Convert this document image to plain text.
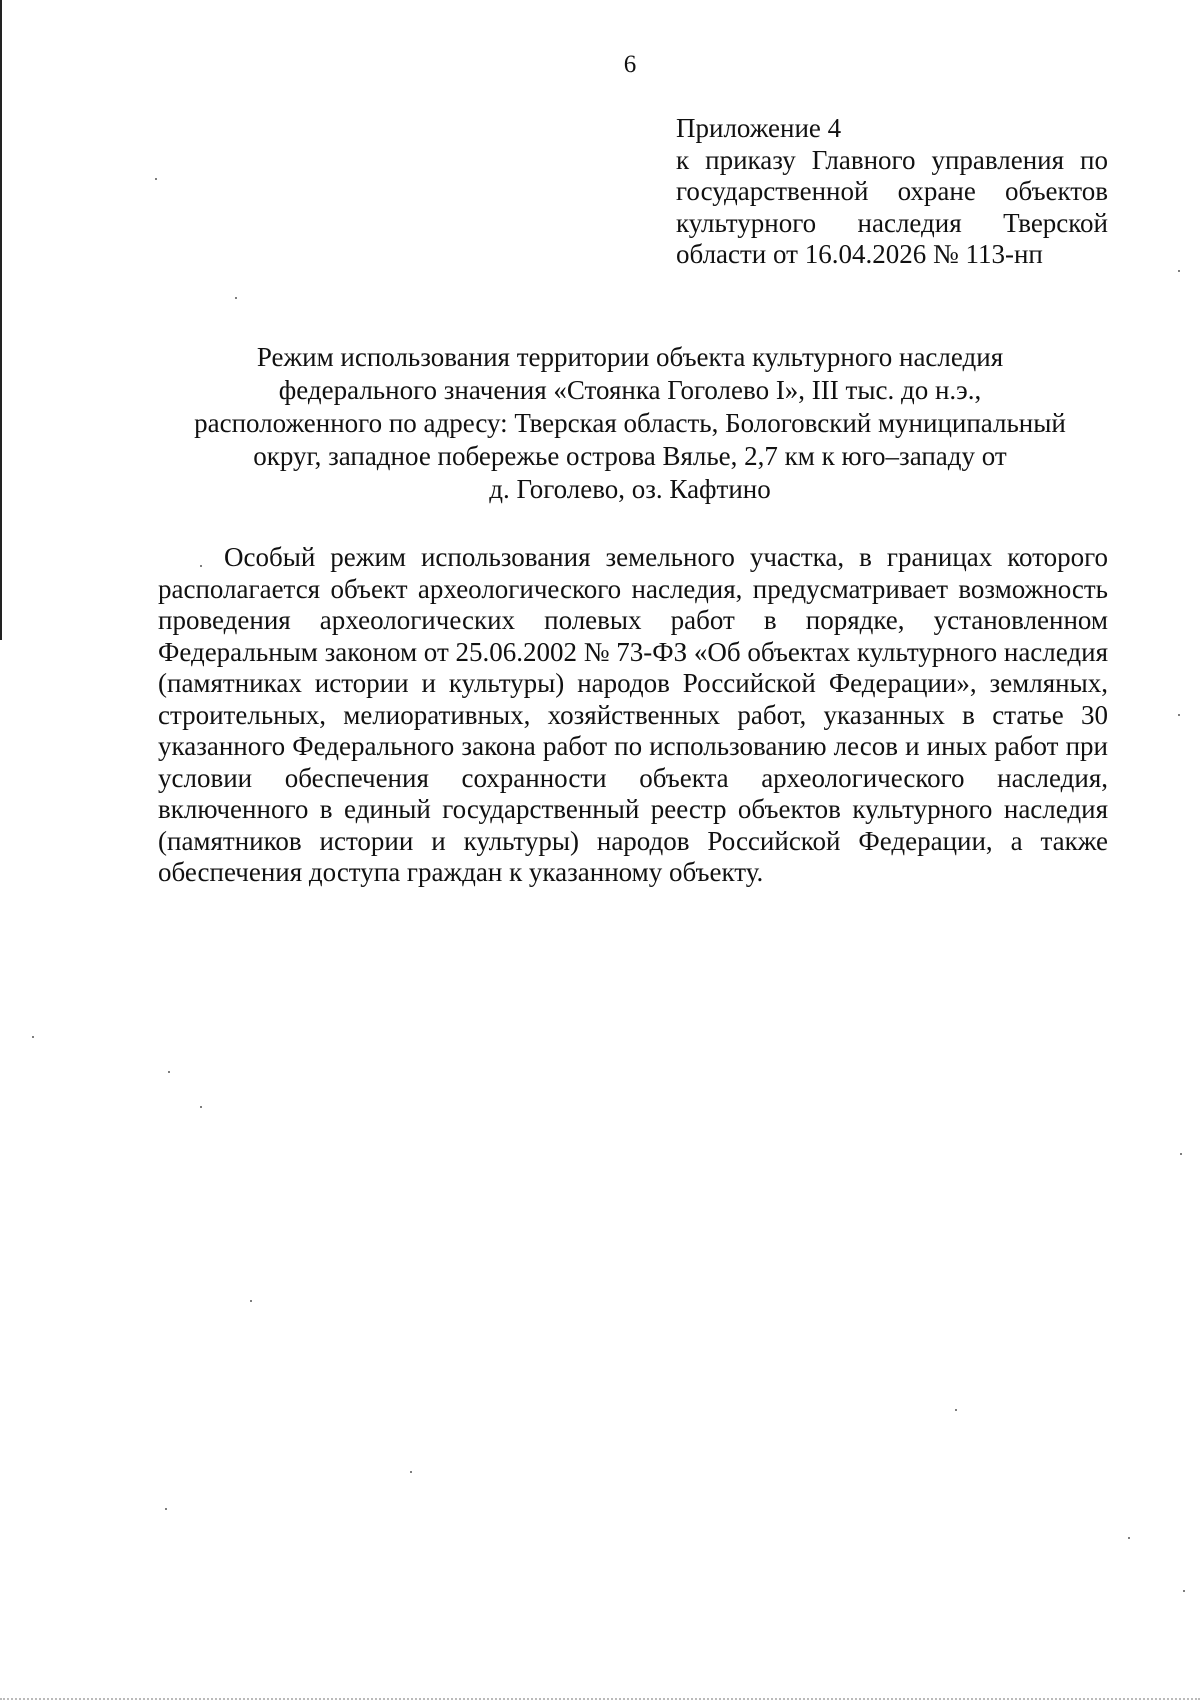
6
Приложение 4
к приказу Главного управления по государственной охране объектов культурного наследия Тверской области от 16.04.2026 № 113-нп
Режим использования территории объекта культурного наследия
федерального значения «Стоянка Гоголево I», III тыс. до н.э.,
расположенного по адресу: Тверская область, Бологовский муниципальный
округ, западное побережье острова Вялье, 2,7 км к юго–западу от
д. Гоголево, оз. Кафтино
Особый режим использования земельного участка, в границах которого располагается объект археологического наследия, предусматривает возможность проведения археологических полевых работ в порядке, установленном Федеральным законом от 25.06.2002 № 73-ФЗ «Об объектах культурного наследия (памятниках истории и культуры) народов Российской Федерации», земляных, строительных, мелиоративных, хозяйственных работ, указанных в статье 30 указанного Федерального закона работ по использованию лесов и иных работ при условии обеспечения сохранности объекта археологического наследия, включенного в единый государственный реестр объектов культурного наследия (памятников истории и культуры) народов Российской Федерации, а также обеспечения доступа граждан к указанному объекту.
